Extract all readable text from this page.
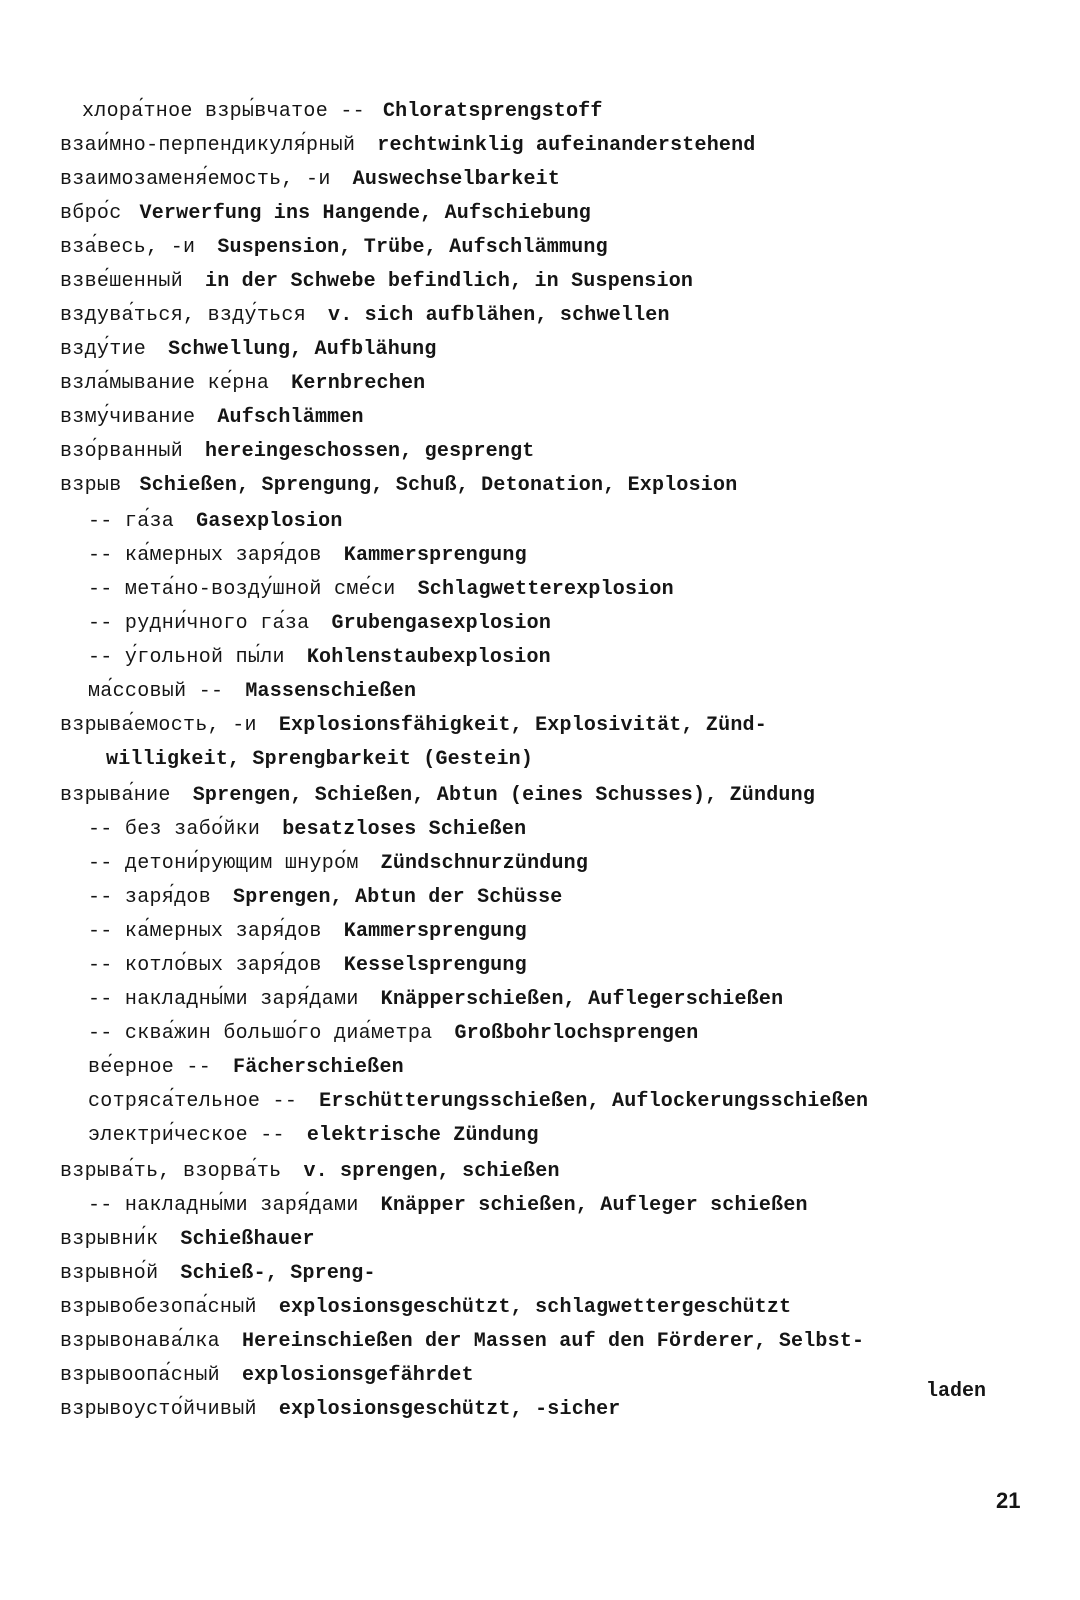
хлора́тное взры́вчатое -- Chloratsprengstoff
взаи́мно-перпендикуля́рный rechtwinklig aufeinanderstehend
взаимозаменя́емость, -и Auswechselbarkeit
вбро́с Verwerfung ins Hangende, Aufschiebung
вза́весь, -и Suspension, Trübe, Aufschlämmung
взве́шенный in der Schwebe befindlich, in Suspension
вздува́ться, взду́ться v. sich aufblähen, schwellen
взду́тие Schwellung, Aufblähung
взла́мывание ке́рна Kernbrechen
взму́чивание Aufschlämmen
взо́рванный hereingeschossen, gesprengt
взрыв Schießen, Sprengung, Schuß, Detonation, Explosion
-- га́за Gasexplosion
-- ка́мерных заря́дов Kammersprengung
-- мета́но-возду́шной сме́си Schlagwetterexplosion
-- рудни́чного га́за Grubengasexplosion
-- у́гольной пы́ли Kohlenstaubexplosion
ма́ссовый -- Massenschießen
взрыва́емость, -и Explosionsfähigkeit, Explosivität, Zünd-
willigkeit, Sprengbarkeit (Gestein)
взрыва́ние Sprengen, Schießen, Abtun (eines Schusses), Zündung
-- без забо́йки besatzloses Schießen
-- детони́рующим шнуро́м Zündschnurzündung
-- заря́дов Sprengen, Abtun der Schüsse
-- ка́мерных заря́дов Kammersprengung
-- котло́вых заря́дов Kesselsprengung
-- накладны́ми заря́дами Knäpperschießen, Auflegerschießen
-- сква́жин большо́го диа́метра Großbohrlochsprengen
ве́ерное -- Fächerschießen
сотряса́тельное -- Erschütterungsschießen, Auflockerungsschießen
электри́ческое -- elektrische Zündung
взрыва́ть, взорва́ть v. sprengen, schießen
-- накладны́ми заря́дами Knäpper schießen, Aufleger schießen
взрывни́к Schießhauer
взрывно́й Schieß-, Spreng-
взрывобезопа́сный explosionsgeschützt, schlagwettergeschützt
взрывонава́лка Hereinschießen der Massen auf den Förderer, Selbst-
взрывоопа́сный explosionsgefährdet
взрывоусто́йчивый explosionsgeschützt, -sicher
laden
21
